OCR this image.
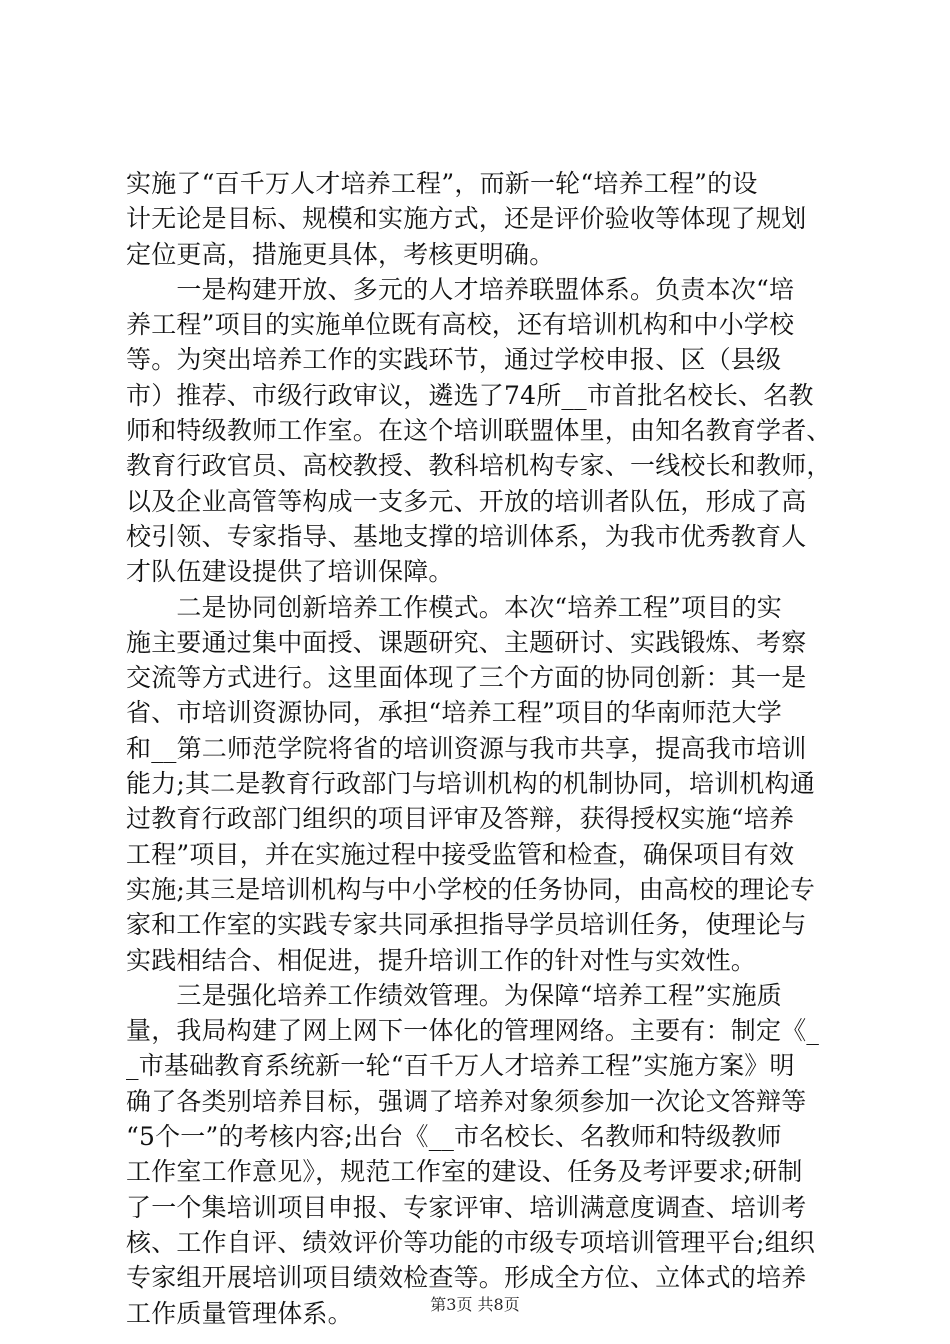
实施了“百千万人才培养工程”，而新一轮“培养工程”的设
计无论是目标、规模和实施方式，还是评价验收等体现了规划
定位更高，措施更具体，考核更明确。
　　一是构建开放、多元的人才培养联盟体系。负责本次“培
养工程”项目的实施单位既有高校，还有培训机构和中小学校
等。为突出培养工作的实践环节，通过学校申报、区（县级
市）推荐、市级行政审议，遴选了74所__市首批名校长、名教
师和特级教师工作室。在这个培训联盟体里，由知名教育学者、
教育行政官员、高校教授、教科培机构专家、一线校长和教师，
以及企业高管等构成一支多元、开放的培训者队伍，形成了高
校引领、专家指导、基地支撑的培训体系，为我市优秀教育人
才队伍建设提供了培训保障。
　　二是协同创新培养工作模式。本次“培养工程”项目的实
施主要通过集中面授、课题研究、主题研讨、实践锻炼、考察
交流等方式进行。这里面体现了三个方面的协同创新：其一是
省、市培训资源协同，承担“培养工程”项目的华南师范大学
和__第二师范学院将省的培训资源与我市共享，提高我市培训
能力;其二是教育行政部门与培训机构的机制协同，培训机构通
过教育行政部门组织的项目评审及答辩，获得授权实施“培养
工程”项目，并在实施过程中接受监管和检查，确保项目有效
实施;其三是培训机构与中小学校的任务协同，由高校的理论专
家和工作室的实践专家共同承担指导学员培训任务，使理论与
实践相结合、相促进，提升培训工作的针对性与实效性。
　　三是强化培养工作绩效管理。为保障“培养工程”实施质
量，我局构建了网上网下一体化的管理网络。主要有：制定《_
_市基础教育系统新一轮“百千万人才培养工程”实施方案》明
确了各类别培养目标，强调了培养对象须参加一次论文答辩等
“5个一”的考核内容;出台《__市名校长、名教师和特级教师
工作室工作意见》，规范工作室的建设、任务及考评要求;研制
了一个集培训项目申报、专家评审、培训满意度调查、培训考
核、工作自评、绩效评价等功能的市级专项培训管理平台;组织
专家组开展培训项目绩效检查等。形成全方位、立体式的培养
工作质量管理体系。	第3页 共8页
